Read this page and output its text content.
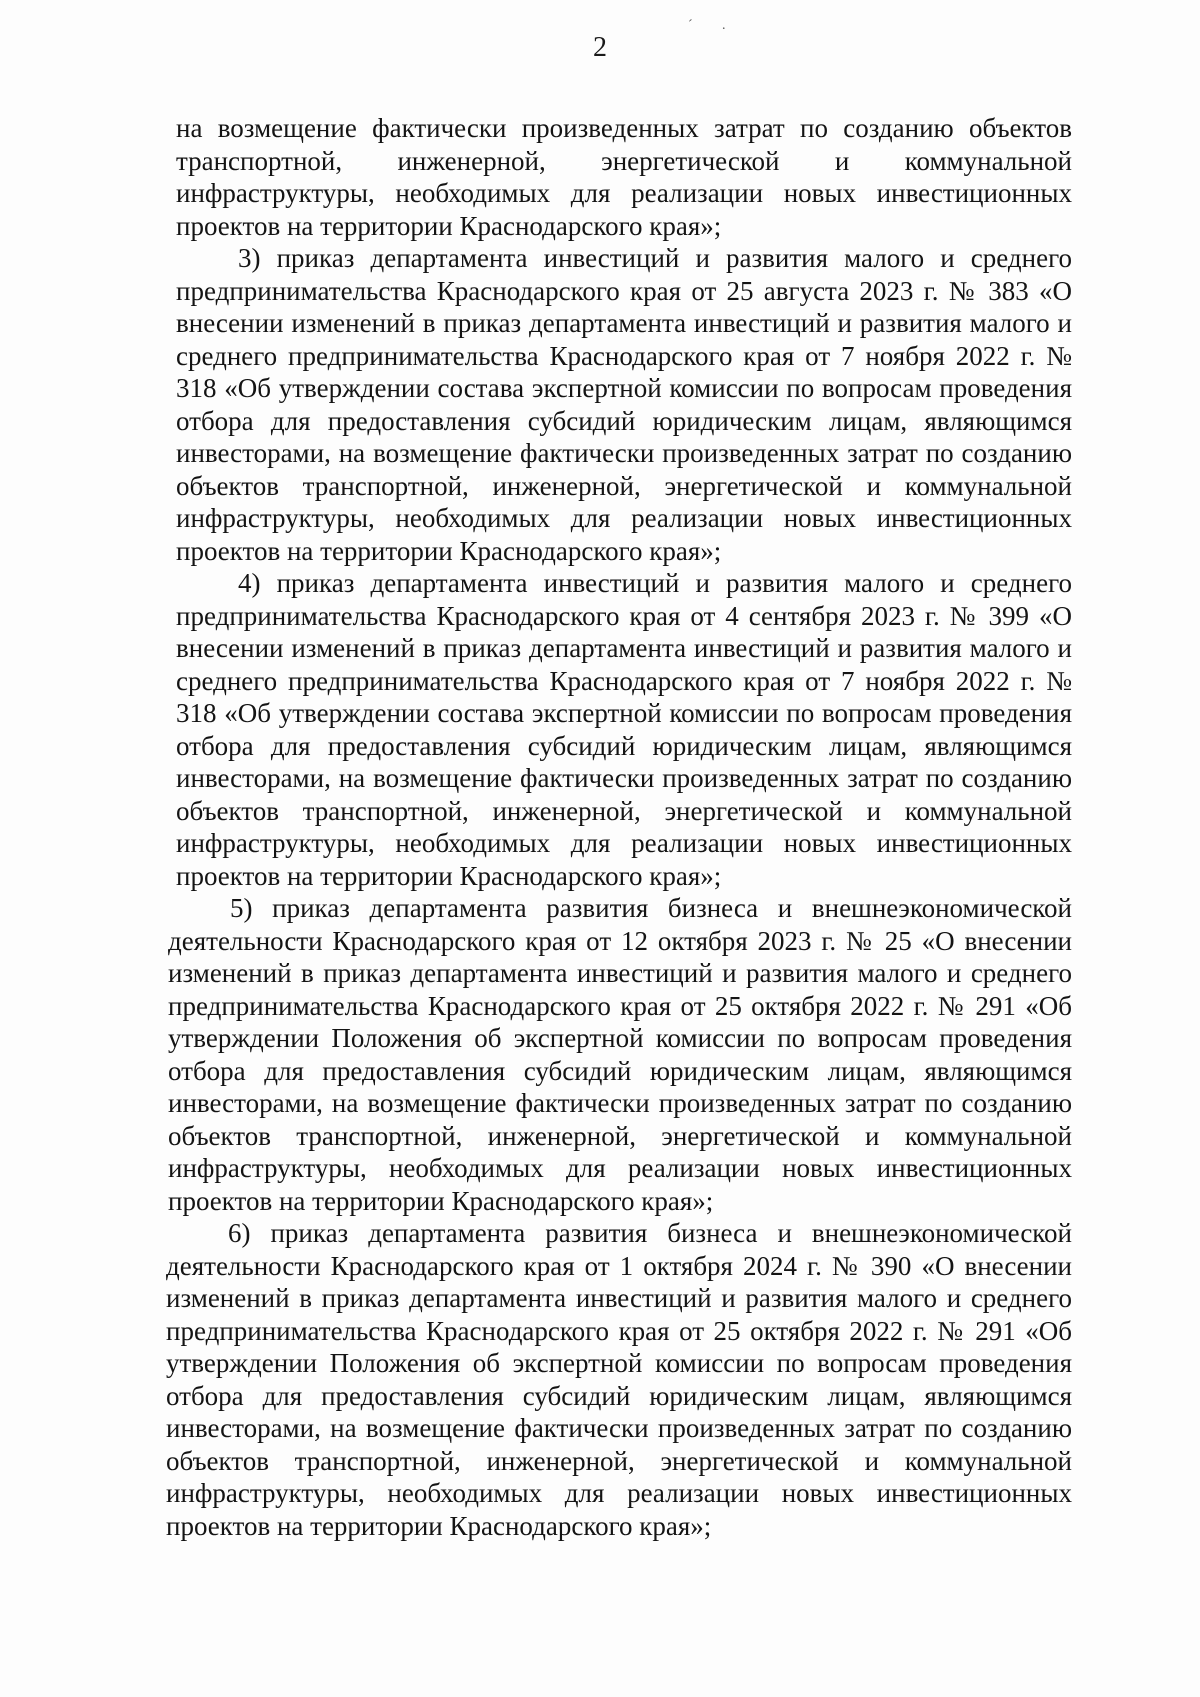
ˊ .

2

на возмещение фактически произведенных затрат по созданию объектов транспортной, инженерной, энергетической и коммунальной инфраструктуры, необходимых для реализации новых инвестиционных проектов на территории Краснодарского края»;

3) приказ департамента инвестиций и развития малого и среднего предпринимательства Краснодарского края от 25 августа 2023 г. № 383 «О внесении изменений в приказ департамента инвестиций и развития малого и среднего предпринимательства Краснодарского края от 7 ноября 2022 г. № 318 «Об утверждении состава экспертной комиссии по вопросам проведения отбора для предоставления субсидий юридическим лицам, являющимся инвесторами, на возмещение фактически произведенных затрат по созданию объектов транспортной, инженерной, энергетической и коммунальной инфраструктуры, необходимых для реализации новых инвестиционных проектов на территории Краснодарского края»;

4) приказ департамента инвестиций и развития малого и среднего предпринимательства Краснодарского края от 4 сентября 2023 г. № 399 «О внесении изменений в приказ департамента инвестиций и развития малого и среднего предпринимательства Краснодарского края от 7 ноября 2022 г. № 318 «Об утверждении состава экспертной комиссии по вопросам проведения отбора для предоставления субсидий юридическим лицам, являющимся инвесторами, на возмещение фактически произведенных затрат по созданию объектов транспортной, инженерной, энергетической и коммунальной инфраструктуры, необходимых для реализации новых инвестиционных проектов на территории Краснодарского края»;

5) приказ департамента развития бизнеса и внешнеэкономической деятельности Краснодарского края от 12 октября 2023 г. № 25 «О внесении изменений в приказ департамента инвестиций и развития малого и среднего предпринимательства Краснодарского края от 25 октября 2022 г. № 291 «Об утверждении Положения об экспертной комиссии по вопросам проведения отбора для предоставления субсидий юридическим лицам, являющимся инвесторами, на возмещение фактически произведенных затрат по созданию объектов транспортной, инженерной, энергетической и коммунальной инфраструктуры, необходимых для реализации новых инвестиционных проектов на территории Краснодарского края»;

6) приказ департамента развития бизнеса и внешнеэкономической деятельности Краснодарского края от 1 октября 2024 г. № 390 «О внесении изменений в приказ департамента инвестиций и развития малого и среднего предпринимательства Краснодарского края от 25 октября 2022 г. № 291 «Об утверждении Положения об экспертной комиссии по вопросам проведения отбора для предоставления субсидий юридическим лицам, являющимся инвесторами, на возмещение фактически произведенных затрат по созданию объектов транспортной, инженерной, энергетической и коммунальной инфраструктуры, необходимых для реализации новых инвестиционных проектов на территории Краснодарского края»;
